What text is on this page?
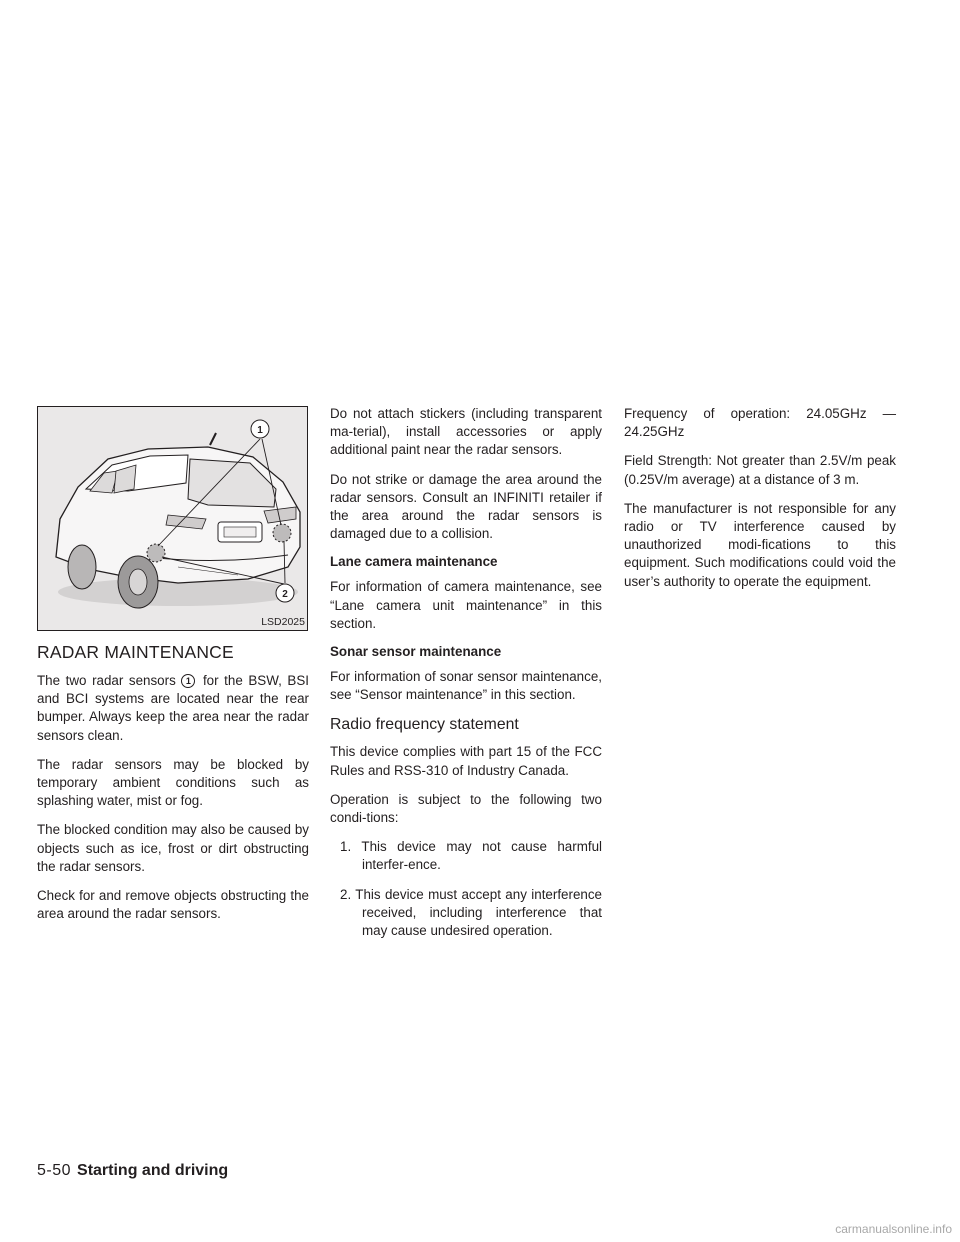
1
2
LSD2025
RADAR MAINTENANCE

The two radar sensors 1 for the BSW, BSI and BCI systems are located near the rear bumper. Always keep the area near the radar sensors clean.

The radar sensors may be blocked by temporary ambient conditions such as splashing water, mist or fog.

The blocked condition may also be caused by objects such as ice, frost or dirt obstructing the radar sensors.

Check for and remove objects obstructing the area around the radar sensors.

Do not attach stickers (including transparent ma-terial), install accessories or apply additional paint near the radar sensors.

Do not strike or damage the area around the radar sensors. Consult an INFINITI retailer if the area around the radar sensors is damaged due to a collision.

Lane camera maintenance

For information of camera maintenance, see “Lane camera unit maintenance” in this section.

Sonar sensor maintenance

For information of sonar sensor maintenance, see “Sensor maintenance” in this section.

Radio frequency statement

This device complies with part 15 of the FCC Rules and RSS-310 of Industry Canada.

Operation is subject to the following two condi-tions:

1. This device may not cause harmful interfer-ence.
2. This device must accept any interference received, including interference that may cause undesired operation.

Frequency of operation: 24.05GHz — 24.25GHz

Field Strength: Not greater than 2.5V/m peak (0.25V/m average) at a distance of 3 m.

The manufacturer is not responsible for any radio or TV interference caused by unauthorized modi-fications to this equipment. Such modifications could void the user’s authority to operate the equipment.

5-50 Starting and driving
carmanualsonline.info
